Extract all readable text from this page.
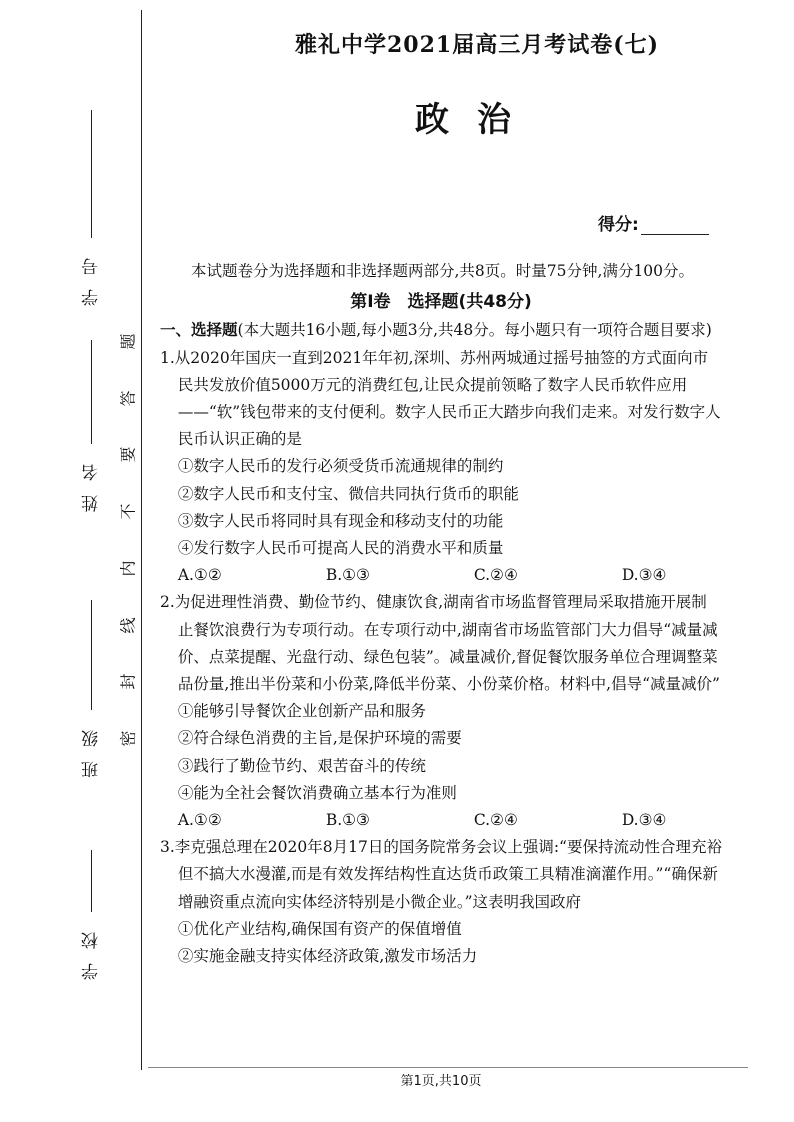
学号
姓名
班级
学校
题
答
要
不
内
线
封
密
雅礼中学2021届高三月考试卷(七)
政治
得分:

本试题卷分为选择题和非选择题两部分,共8页。时量75分钟,满分100分。

第Ⅰ卷　选择题(共48分)

一、选择题(本大题共16小题,每小题3分,共48分。每小题只有一项符合题目要求)

1.从2020年国庆一直到2021年年初,深圳、苏州两城通过摇号抽签的方式面向市民共发放价值5000万元的消费红包,让民众提前领略了数字人民币软件应用——“软”钱包带来的支付便利。数字人民币正大踏步向我们走来。对发行数字人民币认识正确的是

①数字人民币的发行必须受货币流通规律的制约

②数字人民币和支付宝、微信共同执行货币的职能

③数字人民币将同时具有现金和移动支付的功能

④发行数字人民币可提高人民的消费水平和质量

A.①②	B.①③	C.②④	D.③④

2.为促进理性消费、勤俭节约、健康饮食,湖南省市场监督管理局采取措施开展制止餐饮浪费行为专项行动。在专项行动中,湖南省市场监管部门大力倡导“减量减价、点菜提醒、光盘行动、绿色包装”。减量减价,督促餐饮服务单位合理调整菜品份量,推出半份菜和小份菜,降低半份菜、小份菜价格。材料中,倡导“减量减价”

①能够引导餐饮企业创新产品和服务

②符合绿色消费的主旨,是保护环境的需要

③践行了勤俭节约、艰苦奋斗的传统

④能为全社会餐饮消费确立基本行为准则

A.①②	B.①③	C.②④	D.③④

3.李克强总理在2020年8月17日的国务院常务会议上强调:“要保持流动性合理充裕但不搞大水漫灌,而是有效发挥结构性直达货币政策工具精准滴灌作用。”“确保新增融资重点流向实体经济特别是小微企业。”这表明我国政府

①优化产业结构,确保国有资产的保值增值

②实施金融支持实体经济政策,激发市场活力

第1页,共10页
